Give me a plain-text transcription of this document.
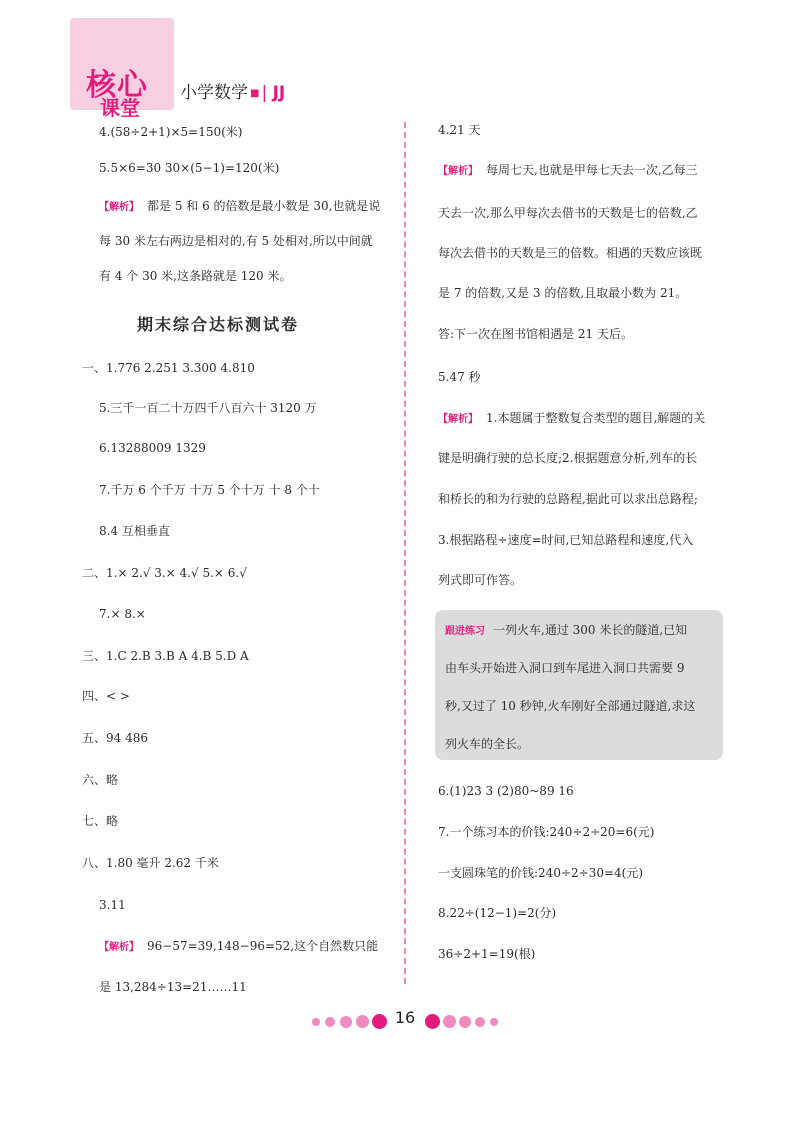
核心
课堂
小学数学 ■ | JJ
4.(58÷2+1)×5=150(米)
5.5×6=30 30×(5−1)=120(米)
【解析】 都是 5 和 6 的倍数是最小数是 30,也就是说
每 30 米左右两边是相对的,有 5 处相对,所以中间就
有 4 个 30 米,这条路就是 120 米。
期末综合达标测试卷
一、1.776 2.251 3.300 4.810
5.三千一百二十万四千八百六十 3120 万
6.13288009 1329
7.千万 6 个千万 十万 5 个十万 十 8 个十
8.4 互相垂直
二、1.× 2.√ 3.× 4.√ 5.× 6.√
7.× 8.×
三、1.C 2.B 3.B A 4.B 5.D A
四、< >
五、94 486
六、略
七、略
八、1.80 毫升 2.62 千米
3.11
【解析】 96−57=39,148−96=52,这个自然数只能
是 13,284÷13=21……11
4.21 天
【解析】 每周七天,也就是甲每七天去一次,乙每三
天去一次,那么甲每次去借书的天数是七的倍数,乙
每次去借书的天数是三的倍数。相遇的天数应该既
是 7 的倍数,又是 3 的倍数,且取最小数为 21。
答:下一次在图书馆相遇是 21 天后。
5.47 秒
【解析】 1.本题属于整数复合类型的题目,解题的关
键是明确行驶的总长度;2.根据题意分析,列车的长
和桥长的和为行驶的总路程,据此可以求出总路程;
3.根据路程÷速度=时间,已知总路程和速度,代入
列式即可作答。
跟进练习 一列火车,通过 300 米长的隧道,已知
由车头开始进入洞口到车尾进入洞口共需要 9
秒,又过了 10 秒钟,火车刚好全部通过隧道,求这
列火车的全长。
6.(1)23 3 (2)80~89 16
7.一个练习本的价钱:240÷2÷20=6(元)
一支圆珠笔的价钱:240÷2÷30=4(元)
8.22÷(12−1)=2(分)
36÷2+1=19(根)
16
